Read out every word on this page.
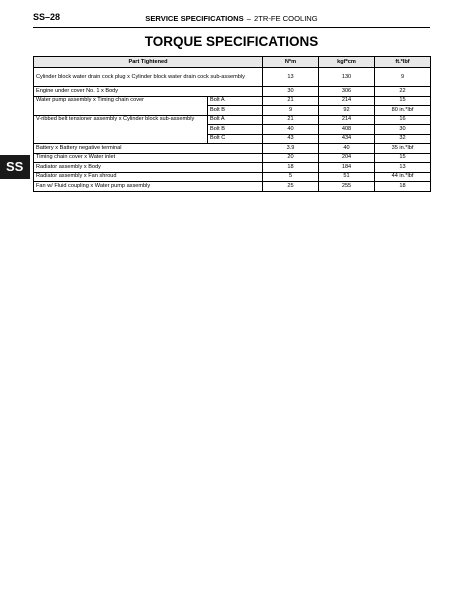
SS–28	SERVICE SPECIFICATIONS – 2TR-FE COOLING
TORQUE SPECIFICATIONS
SS
Part Tightened		N*m	kgf*cm	ft.*lbf
Cylinder block water drain cock plug x Cylinder block water drain cock sub-assembly		13	130	9
Engine under cover No. 1 x Body		30	306	22
Water pump assembly x Timing chain cover	Bolt A	21	214	15
	Bolt B	9	92	80 in.*lbf
V-ribbed belt tensioner assembly x Cylinder block sub-assembly	Bolt A	21	214	16
	Bolt B	40	408	30
	Bolt C	43	434	32
Battery x Battery negative terminal		3.9	40	35 in.*lbf
Timing chain cover x Water inlet		20	204	15
Radiator assembly x Body		18	184	13
Radiator assembly x Fan shroud		5	51	44 in.*lbf
Fan w/ Fluid coupling x Water pump assembly		25	255	18
